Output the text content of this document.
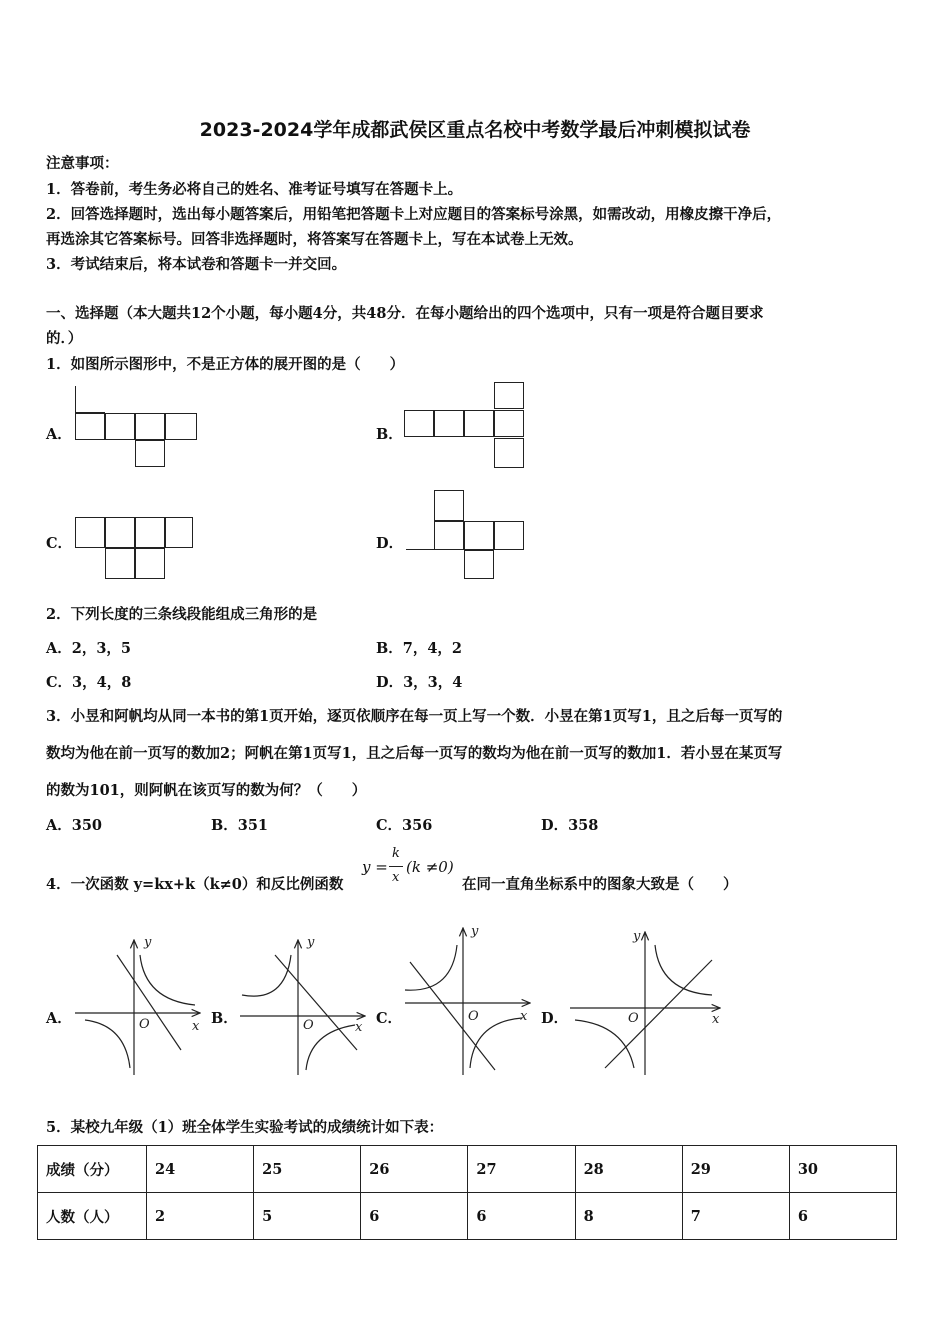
2023-2024学年成都武侯区重点名校中考数学最后冲刺模拟试卷
注意事项：
1．答卷前，考生务必将自己的姓名、准考证号填写在答题卡上。
2．回答选择题时，选出每小题答案后，用铅笔把答题卡上对应题目的答案标号涂黑，如需改动，用橡皮擦干净后，
再选涂其它答案标号。回答非选择题时，将答案写在答题卡上，写在本试卷上无效。
3．考试结束后，将本试卷和答题卡一并交回。
一、选择题（本大题共12个小题，每小题4分，共48分．在每小题给出的四个选项中，只有一项是符合题目要求
的．）
1．如图所示图形中，不是正方体的展开图的是（　　）
A．	B．
C．	D．
2．下列长度的三条线段能组成三角形的是
A．2，3，5	B．7，4，2
C．3，4，8	D．3，3，4
3．小昱和阿帆均从同一本书的第1页开始，逐页依顺序在每一页上写一个数．小昱在第1页写1，且之后每一页写的
数均为他在前一页写的数加2；阿帆在第1页写1，且之后每一页写的数均为他在前一页写的数加1．若小昱在某页写
的数为101，则阿帆在该页写的数为何？（　　）
A．350	B．351	C．356	D．358
4．一次函数 y=kx+k（k≠0）和反比例函数
y =
k
x
(k ≠0)
在同一直角坐标系中的图象大致是（　　）
A．	B．	C．	D．
y
x
O
y
x
O
y
x
O
y
x
O
5．某校九年级（1）班全体学生实验考试的成绩统计如下表：
成绩（分）	24	25	26	27	28	29	30
人数（人）	2	5	6	6	8	7	6
